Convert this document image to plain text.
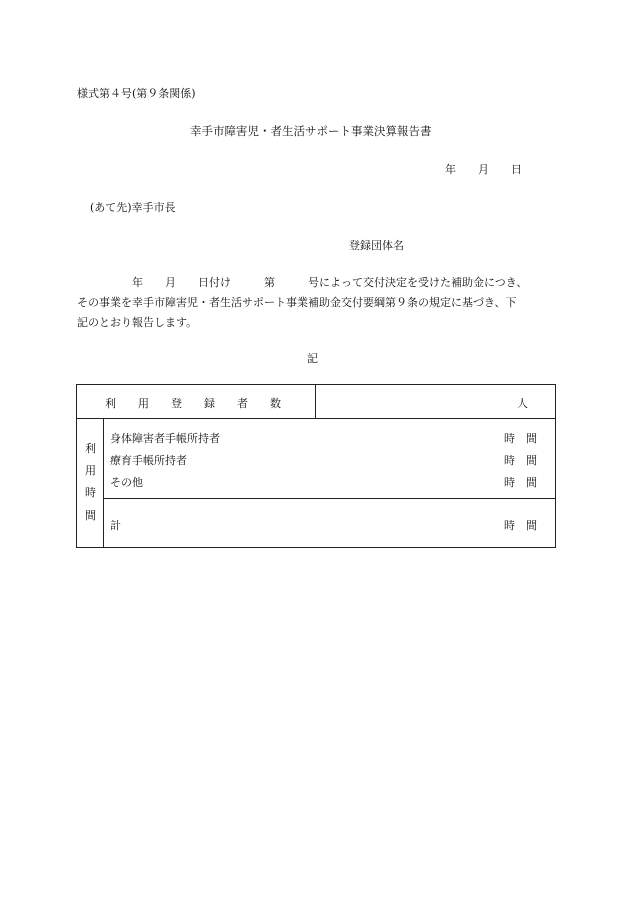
様式第４号(第９条関係)
幸手市障害児・者生活サポート事業決算報告書
年　　月　　日
(あて先)幸手市長
登録団体名
　　　　　年　　月　　日付け　　　第　　　号によって交付決定を受けた補助金につき、
その事業を幸手市障害児・者生活サポート事業補助金交付要綱第９条の規定に基づき、下
記のとおり報告します。
記
利　　用　　登　　録　　者　　数	人
利
用
時
間
身体障害者手帳所持者	時　間
療育手帳所持者	時　間
その他	時　間
計	時　間
